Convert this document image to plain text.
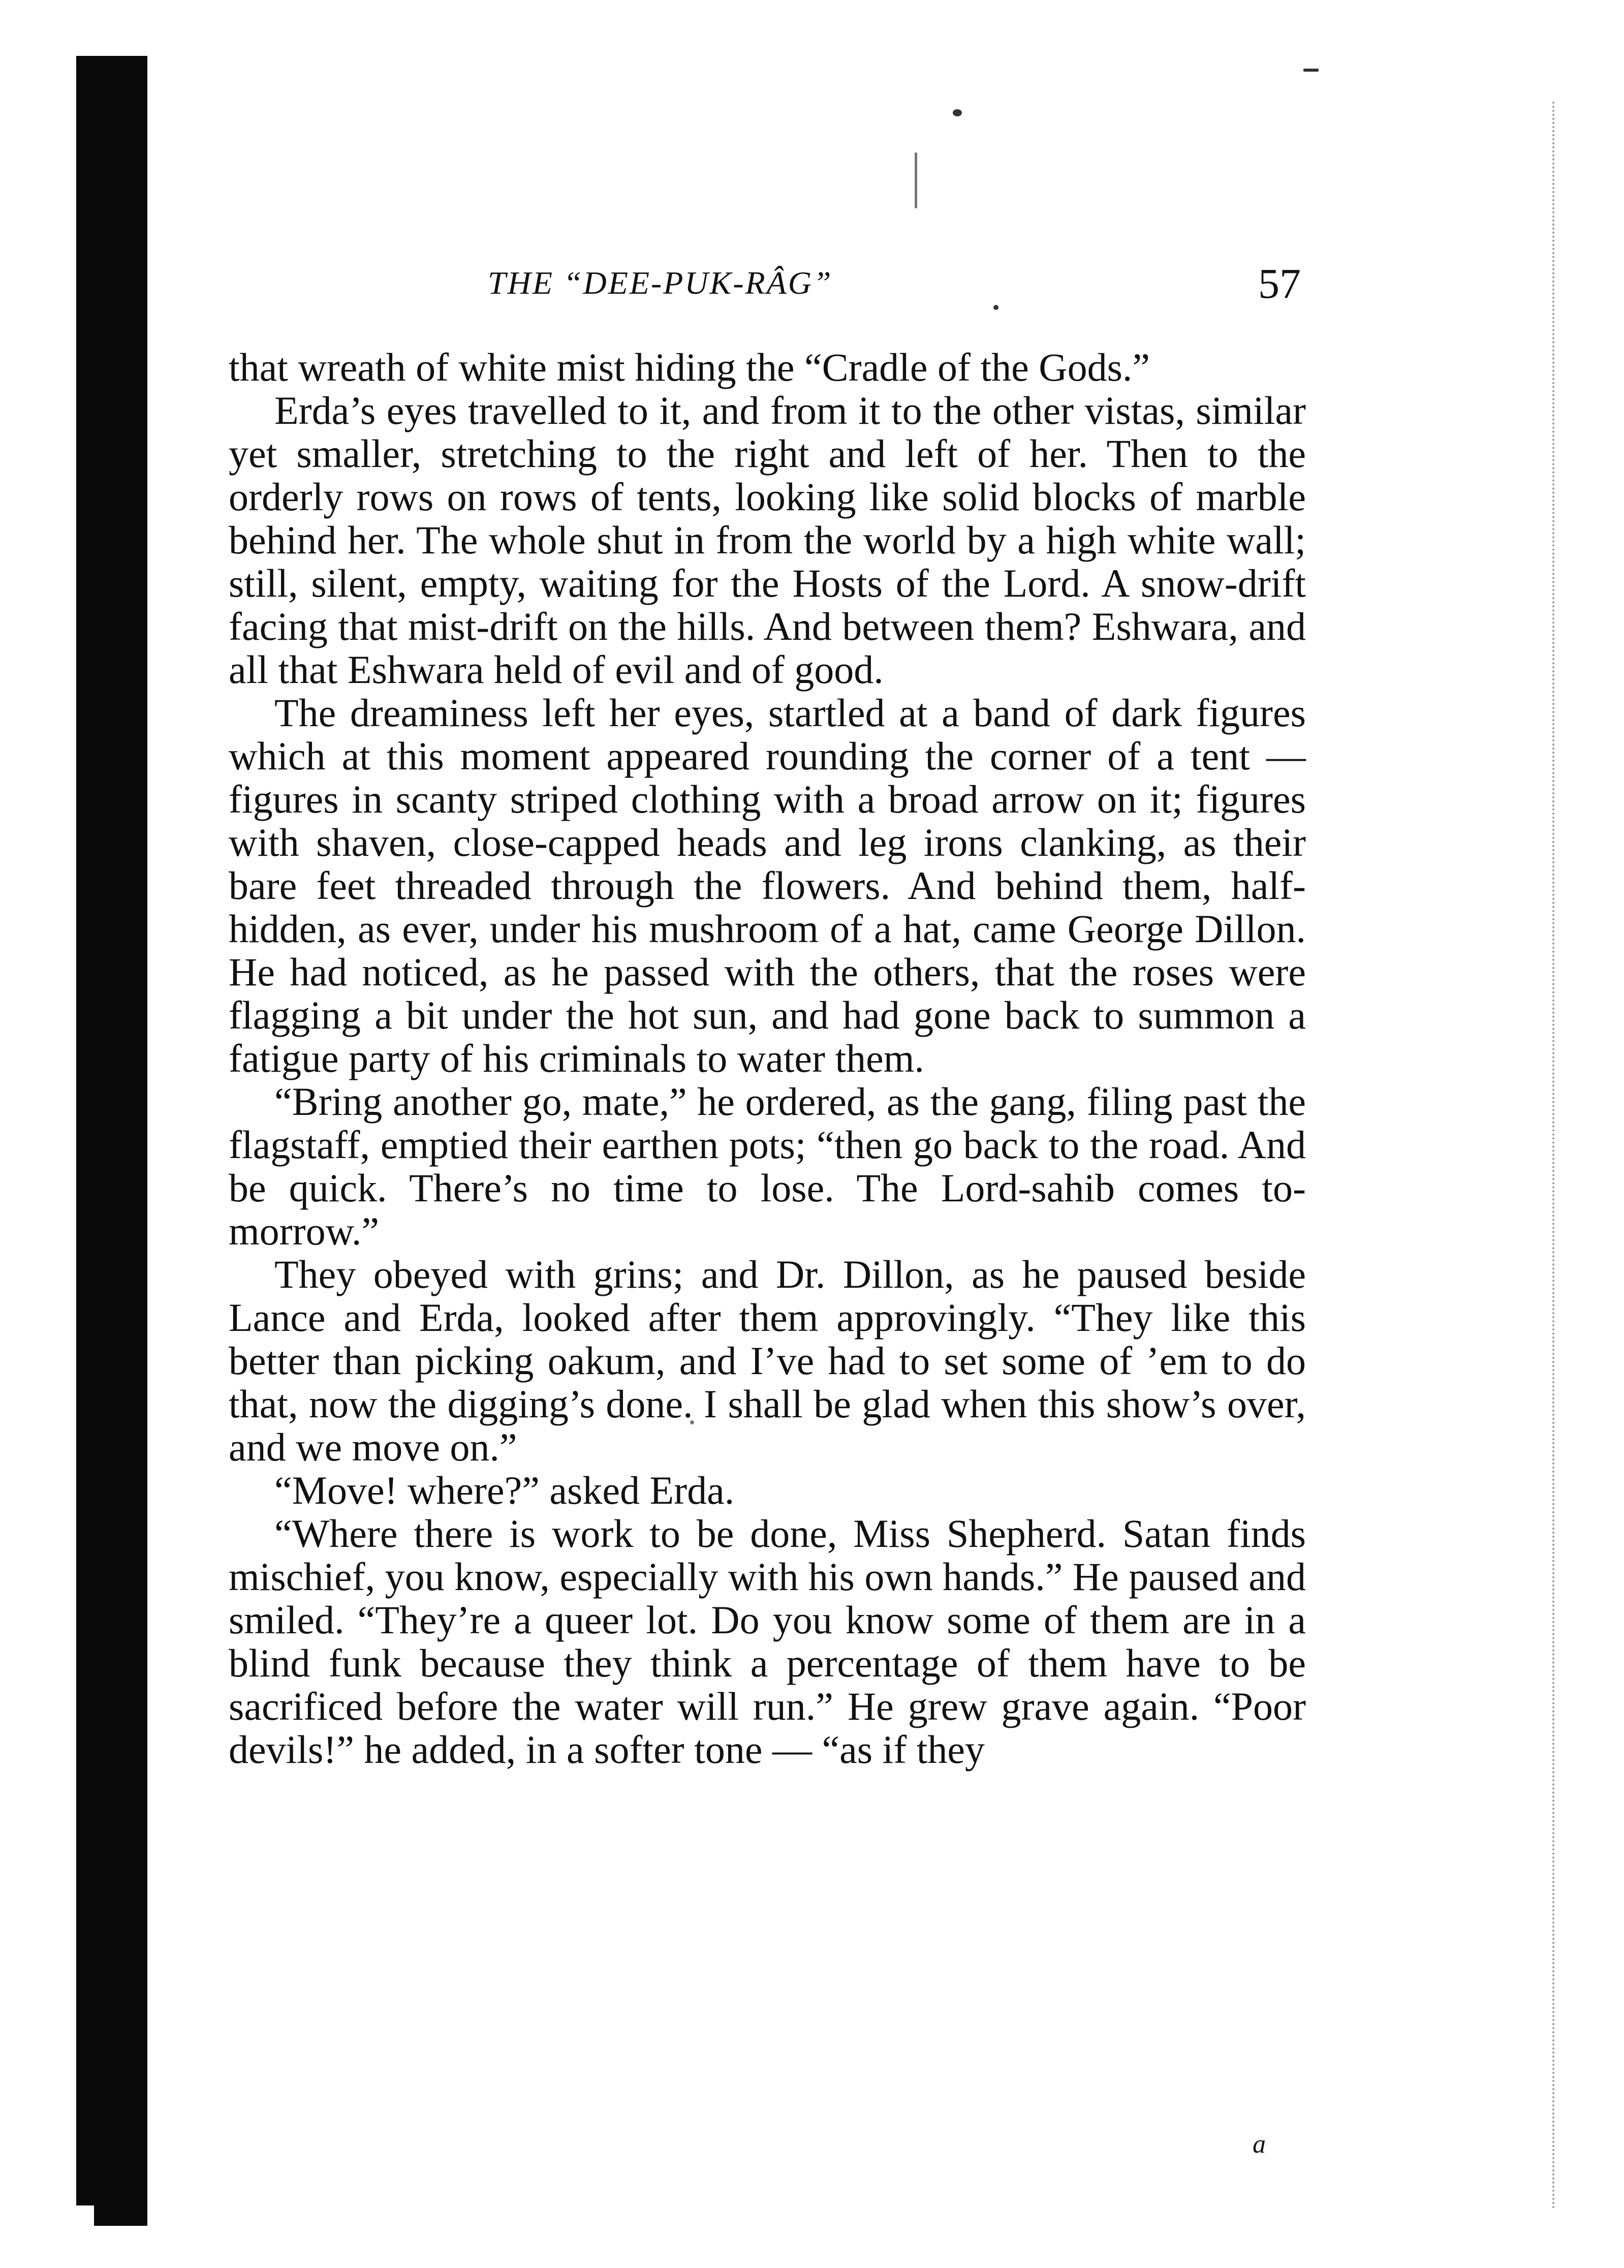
THE “DEE-PUK-RÂG”	57

that wreath of white mist hiding the “Cradle of the Gods.”

Erda’s eyes travelled to it, and from it to the other vistas, similar yet smaller, stretching to the right and left of her. Then to the orderly rows on rows of tents, looking like solid blocks of marble behind her. The whole shut in from the world by a high white wall; still, silent, empty, waiting for the Hosts of the Lord. A snow-drift facing that mist-drift on the hills. And between them? Eshwara, and all that Eshwara held of evil and of good.

The dreaminess left her eyes, startled at a band of dark figures which at this moment appeared rounding the corner of a tent — figures in scanty striped clothing with a broad arrow on it; figures with shaven, close-capped heads and leg irons clanking, as their bare feet threaded through the flowers. And behind them, half-hidden, as ever, under his mushroom of a hat, came George Dillon. He had noticed, as he passed with the others, that the roses were flagging a bit under the hot sun, and had gone back to summon a fatigue party of his criminals to water them.

“Bring another go, mate,” he ordered, as the gang, filing past the flagstaff, emptied their earthen pots; “then go back to the road. And be quick. There’s no time to lose. The Lord-sahib comes to-morrow.”

They obeyed with grins; and Dr. Dillon, as he paused beside Lance and Erda, looked after them approvingly. “They like this better than picking oakum, and I’ve had to set some of ’em to do that, now the digging’s done. I shall be glad when this show’s over, and we move on.”

“Move! where?” asked Erda.

“Where there is work to be done, Miss Shepherd. Satan finds mischief, you know, especially with his own hands.” He paused and smiled. “They’re a queer lot. Do you know some of them are in a blind funk because they think a percentage of them have to be sacrificed before the water will run.” He grew grave again. “Poor devils!” he added, in a softer tone — “as if they

a
